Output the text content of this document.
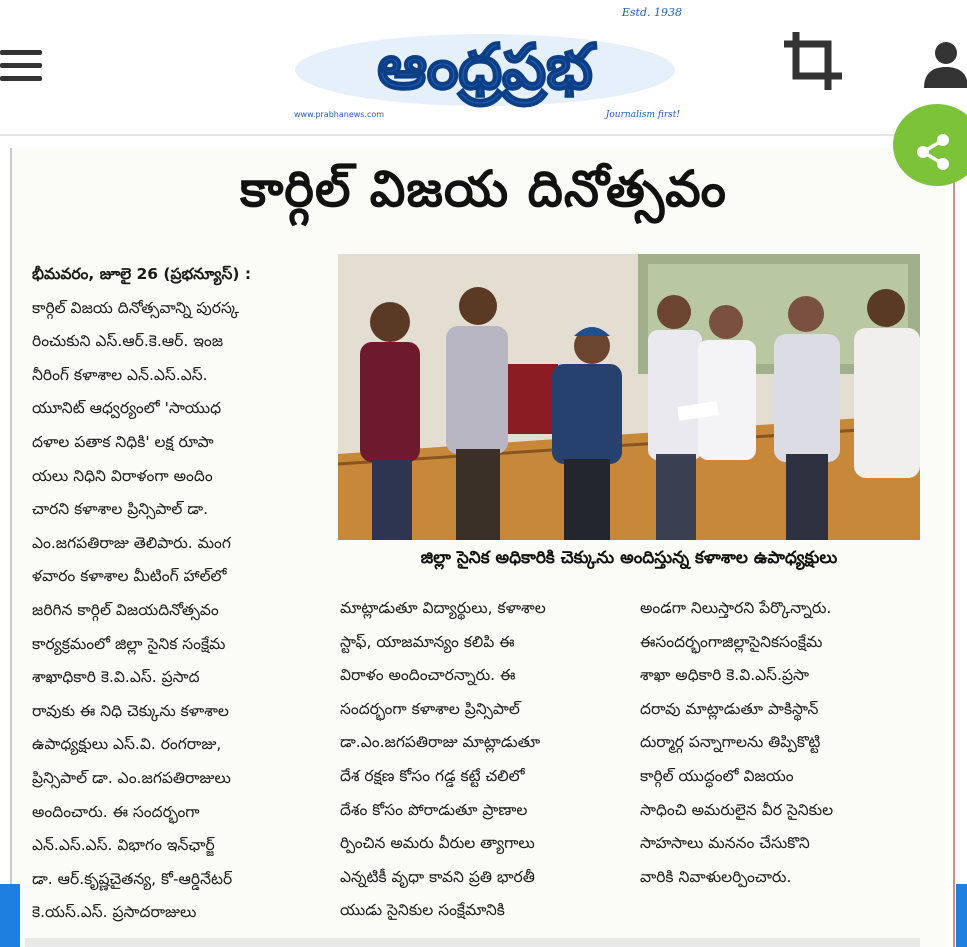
Estd. 1938
ఆంధ్రప్రభ
www.prabhanews.com	Journalism first!
కార్గిల్ విజయ దినోత్సవం
భీమవరం, జూలై 26 (ప్రభన్యూస్) :
కార్గిల్ విజయ దినోత్సవాన్ని పురస్క
రించుకుని ఎస్.ఆర్.కె.ఆర్. ఇంజ
నీరింగ్ కళాశాల ఎన్.ఎస్.ఎస్.
యూనిట్ ఆధ్వర్యంలో 'సాయుధ
దళాల పతాక నిధికి' లక్ష రూపా
యలు నిధిని విరాళంగా అందిం
చారని కళాశాల ప్రిన్సిపాల్ డా.
ఎం.జగపతిరాజు తెలిపారు. మంగ
ళవారం కళాశాల మీటింగ్ హాల్‌లో
జరిగిన కార్గిల్ విజయదినోత్సవం
కార్యక్రమంలో జిల్లా సైనిక సంక్షేమ
శాఖాధికారి కె.వి.ఎస్. ప్రసాద
రావుకు ఈ నిధి చెక్కును కళాశాల
ఉపాధ్యక్షులు ఎస్.వి. రంగరాజు,
ప్రిన్సిపాల్ డా. ఎం.జగపతిరాజులు
అందించారు. ఈ సందర్భంగా
ఎన్.ఎస్.ఎస్. విభాగం ఇన్‌ఛార్జ్
డా. ఆర్.కృష్ణచైతన్య, కో-ఆర్డినేటర్
కె.యస్.ఎస్. ప్రసాదరాజులు
జిల్లా సైనిక అధికారికి చెక్కును అందిస్తున్న కళాశాల ఉపాధ్యక్షులు
మాట్లాడుతూ విద్యార్థులు, కళాశాల
స్టాఫ్, యాజమాన్యం కలిపి ఈ
విరాళం అందించారన్నారు. ఈ
సందర్భంగా కళాశాల ప్రిన్సిపాల్
డా.ఎం.జగపతిరాజు మాట్లాడుతూ
దేశ రక్షణ కోసం గడ్డ కట్టే చలిలో
దేశం కోసం పోరాడుతూ ప్రాణాల
ర్పించిన అమరు వీరుల త్యాగాలు
ఎన్నటికీ వృధా కావని ప్రతి భారతీ
యుడు సైనికుల సంక్షేమానికి
అండగా నిలుస్తారని పేర్కొన్నారు.
ఈసందర్భంగాజిల్లాసైనికసంక్షేమ
శాఖా అధికారి కె.వి.ఎస్.ప్రసా
దరావు మాట్లాడుతూ పాకిస్థాన్
దుర్మార్గ పన్నాగాలను తిప్పికొట్టి
కార్గిల్ యుద్ధంలో విజయం
సాధించి అమరులైన వీర సైనికుల
సాహసాలు మననం చేసుకొని
వారికి నివాళులర్పించారు.
